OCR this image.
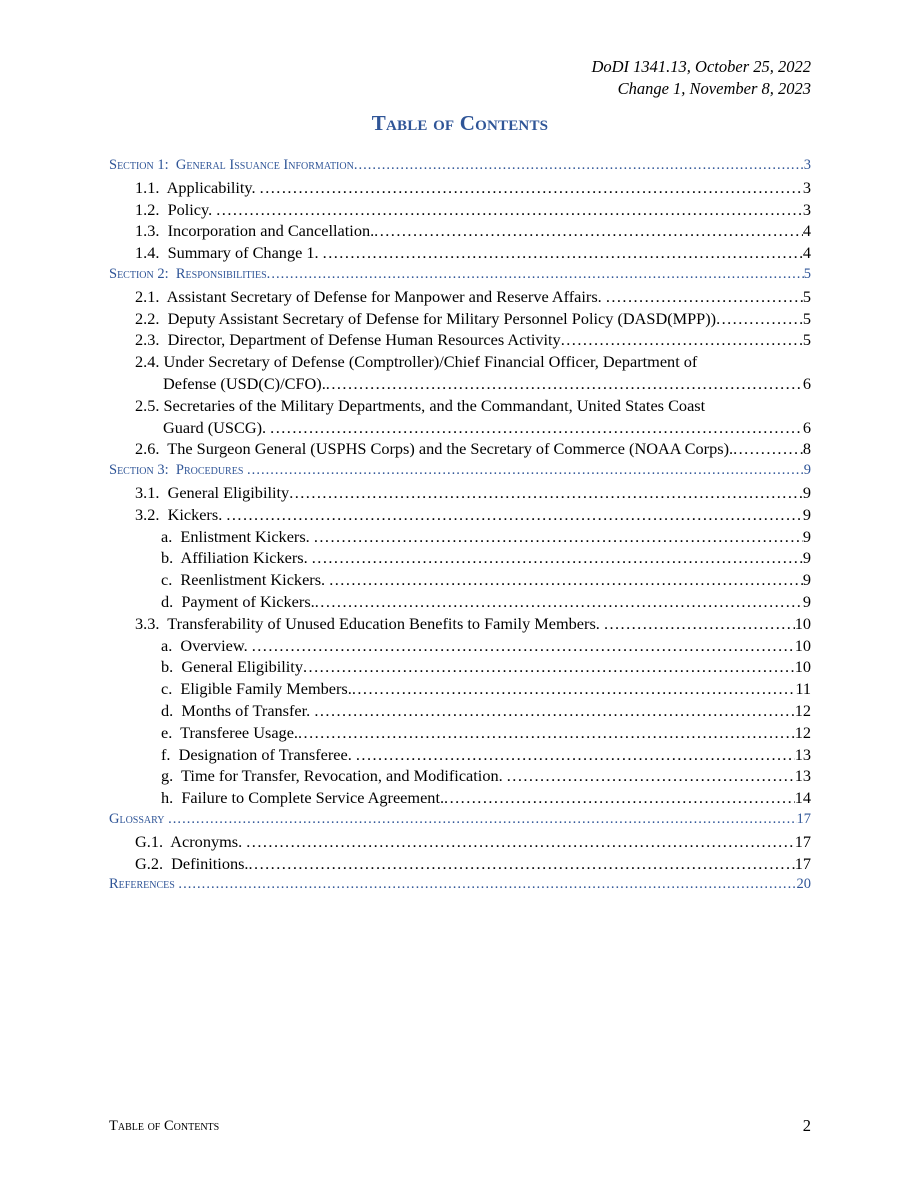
DoDI 1341.13, October 25, 2022
Change 1, November 8, 2023
Table of Contents
Section 1:  General Issuance Information . . .	3
1.1.  Applicability. . . .	3
1.2.  Policy. . . .	3
1.3.  Incorporation and Cancellation. . . .	4
1.4.  Summary of Change 1. . . .	4
Section 2:  Responsibilities . . .	5
2.1.  Assistant Secretary of Defense for Manpower and Reserve Affairs. . . .	5
2.2.  Deputy Assistant Secretary of Defense for Military Personnel Policy (DASD(MPP)) . . .	5
2.3.  Director, Department of Defense Human Resources Activity . . .	5
2.4. Under Secretary of Defense (Comptroller)/Chief Financial Officer, Department of
Defense (USD(C)/CFO). . . .	6
2.5. Secretaries of the Military Departments, and the Commandant, United States Coast
Guard (USCG). . . .	6
2.6.  The Surgeon General (USPHS Corps) and the Secretary of Commerce (NOAA Corps). . . .	8
Section 3:  Procedures . . .	9
3.1.  General Eligibility . . .	9
3.2.  Kickers. . . .	9
a.  Enlistment Kickers. . . .	9
b.  Affiliation Kickers. . . .	9
c.  Reenlistment Kickers. . . .	9
d.  Payment of Kickers. . . .	9
3.3.  Transferability of Unused Education Benefits to Family Members. . . .	10
a.  Overview. . . .	10
b.  General Eligibility . . .	10
c.  Eligible Family Members. . . .	11
d.  Months of Transfer. . . .	12
e.  Transferee Usage. . . .	12
f.  Designation of Transferee. . . .	13
g.  Time for Transfer, Revocation, and Modification. . . .	13
h.  Failure to Complete Service Agreement. . . .	14
Glossary . . .	17
G.1.  Acronyms. . . .	17
G.2.  Definitions. . . .	17
References . . .	20
Table of Contents	2
